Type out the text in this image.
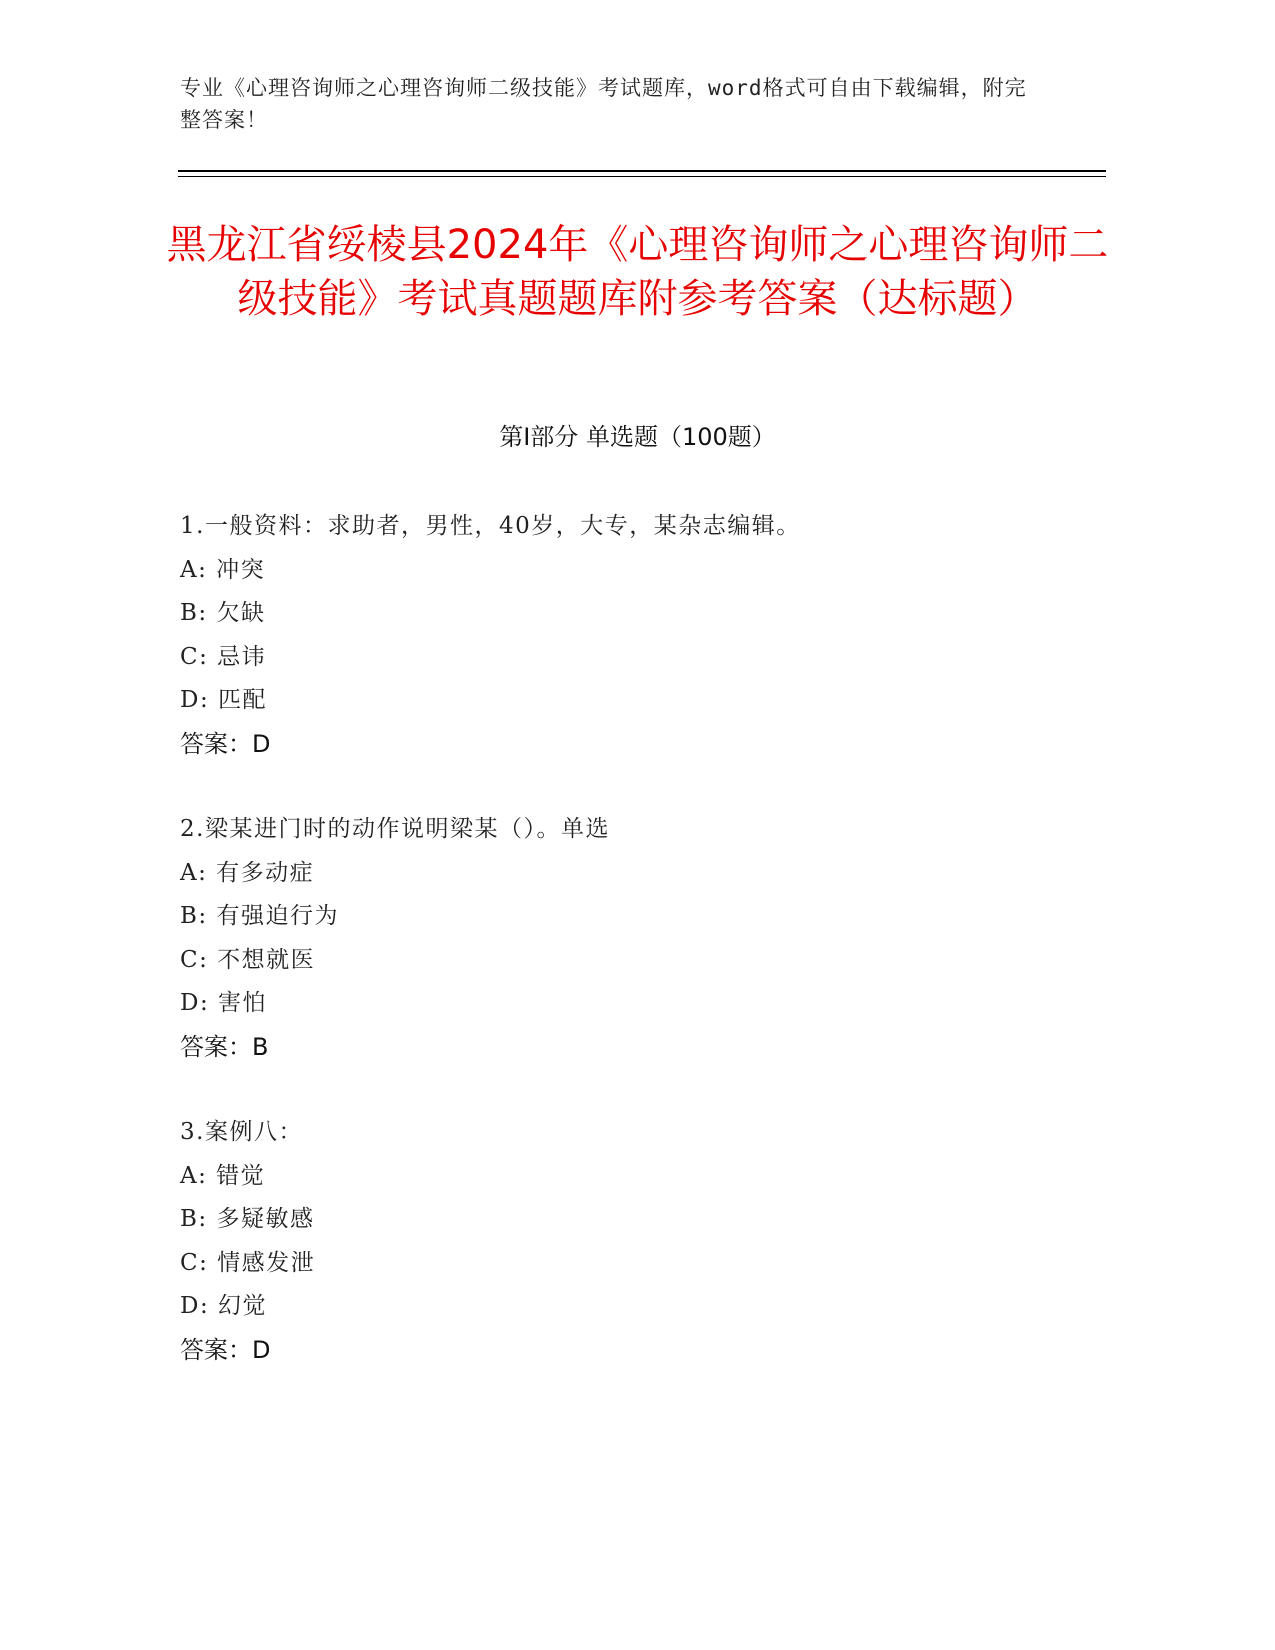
专业《心理咨询师之心理咨询师二级技能》考试题库，word格式可自由下载编辑，附完整答案！
黑龙江省绥棱县2024年《心理咨询师之心理咨询师二级技能》考试真题题库附参考答案（达标题）
第Ⅰ部分 单选题（100题）
1.一般资料：求助者，男性，40岁，大专，某杂志编辑。
A: 冲突
B: 欠缺
C: 忌讳
D: 匹配
答案：D
2.梁某进门时的动作说明梁某（）。单选
A: 有多动症
B: 有强迫行为
C: 不想就医
D: 害怕
答案：B
3.案例八：
A: 错觉
B: 多疑敏感
C: 情感发泄
D: 幻觉
答案：D
